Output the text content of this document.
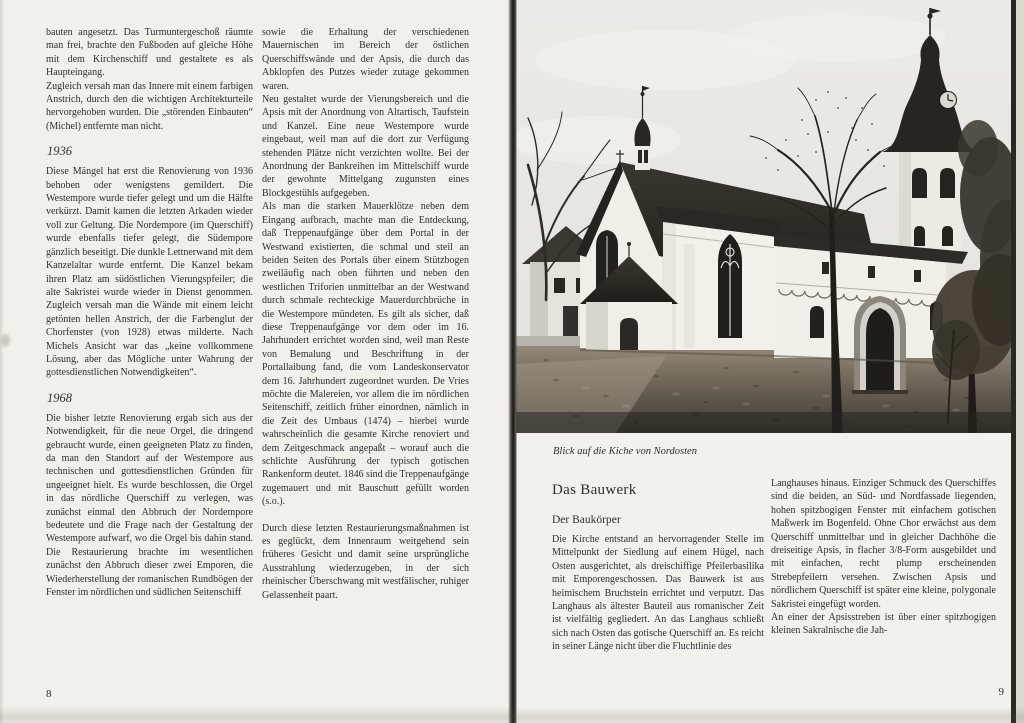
bauten angesetzt. Das Turmuntergeschoß räumte man frei, brachte den Fußboden auf gleiche Höhe mit dem Kirchenschiff und gestaltete es als Haupteingang.

Zugleich versah man das Innere mit einem farbigen Anstrich, durch den die wichtigen Architekturteile hervorgehoben wurden. Die „störenden Einbauten“ (Michel) entfernte man nicht.

1936

Diese Mängel hat erst die Renovierung von 1936 behoben oder wenigstens gemildert. Die Westempore wurde tiefer gelegt und um die Hälfte verkürzt. Damit kamen die letzten Arkaden wieder voll zur Geltung. Die Nordempore (im Querschiff) wurde ebenfalls tiefer gelegt, die Südempore gänzlich beseitigt. Die dunkle Lettnerwand mit dem Kanzelaltar wurde entfernt. Die Kanzel bekam ihren Platz am südöstlichen Vierungspfeiler; die alte Sakristei wurde wieder in Dienst genommen. Zugleich versah man die Wände mit einem leicht getönten hellen Anstrich, der die Farbenglut der Chorfenster (von 1928) etwas milderte. Nach Michels Ansicht war das „keine vollkommene Lösung, aber das Mögliche unter Wahrung der gottesdienstlichen Notwendigkeiten“.

1968

Die bisher letzte Renovierung ergab sich aus der Notwendigkeit, für die neue Orgel, die dringend gebraucht wurde, einen geeigneten Platz zu finden, da man den Standort auf der Westempore aus technischen und gottesdienstlichen Gründen für ungeeignet hielt. Es wurde beschlossen, die Orgel in das nördliche Querschiff zu verlegen, was zunächst einmal den Abbruch der Nordempore bedeutete und die Frage nach der Gestaltung der Westempore aufwarf, wo die Orgel bis dahin stand. Die Restaurierung brachte im wesentlichen zunächst den Abbruch dieser zwei Emporen, die Wiederherstellung der romanischen Rundbögen der Fenster im nördlichen und südlichen Seitenschiff

sowie die Erhaltung der verschiedenen Mauernischen im Bereich der östlichen Querschiffswände und der Apsis, die durch das Abklopfen des Putzes wieder zutage gekommen waren.

Neu gestaltet wurde der Vierungsbereich und die Apsis mit der Anordnung von Altartisch, Taufstein und Kanzel. Eine neue Westempore wurde eingebaut, weil man auf die dort zur Verfügung stehenden Plätze nicht verzichten wollte. Bei der Anordnung der Bankreihen im Mittelschiff wurde der gewohnte Mittelgang zugunsten eines Blockgestühls aufgegeben.

Als man die starken Mauerklötze neben dem Eingang aufbrach, machte man die Entdeckung, daß Treppenaufgänge über dem Portal in der Westwand existierten, die schmal und steil an beiden Seiten des Portals über einem Stützbogen zweiläufig nach oben führten und neben den westlichen Triforien unmittelbar an der Westwand durch schmale rechteckige Mauerdurchbrüche in die Westempore mündeten. Es gilt als sicher, daß diese Treppenaufgänge vor dem oder im 16. Jahrhundert errichtet worden sind, weil man Reste von Bemalung und Beschriftung in der Portallaibung fand, die vom Landeskonservator dem 16. Jahrhundert zugeordnet wurden. De Vries möchte die Malereien, vor allem die im nördlichen Seitenschiff, zeitlich früher einordnen, nämlich in die Zeit des Umbaus (1474) – hierbei wurde wahrscheinlich die gesamte Kirche renoviert und dem Zeitgeschmack angepaßt – worauf auch die schlichte Ausführung der typisch gotischen Rankenform deutet. 1846 sind die Treppenaufgänge zugemauert und mit Bauschutt gefüllt worden (s.o.).

Durch diese letzten Restaurierungsmaßnahmen ist es geglückt, dem Innenraum weitgehend sein früheres Gesicht und damit seine ursprüngliche Ausstrahlung wiederzugeben, in der sich rheinischer Überschwang mit westfälischer, ruhiger Gelassenheit paart.

8
Blick auf die Kiche von Nordosten
Das Bauwerk
Der Baukörper

Die Kirche entstand an hervorragender Stelle im Mittelpunkt der Siedlung auf einem Hügel, nach Osten ausgerichtet, als dreischiffige Pfeilerbasilika mit Emporengeschossen. Das Bauwerk ist aus heimischem Bruchstein errichtet und verputzt. Das Langhaus als ältester Bauteil aus romanischer Zeit ist vielfältig gegliedert. An das Langhaus schließt sich nach Osten das gotische Querschiff an. Es reicht in seiner Länge nicht über die Fluchtlinie des

Langhauses hinaus. Einziger Schmuck des Querschiffes sind die beiden, an Süd- und Nordfassade liegenden, hohen spitzbogigen Fenster mit einfachem gotischen Maßwerk im Bogenfeld. Ohne Chor erwächst aus dem Querschiff unmittelbar und in gleicher Dachhöhe die dreiseitige Apsis, in flacher 3/8-Form ausgebildet und mit einfachen, recht plump erscheinenden Strebepfeilern versehen. Zwischen Apsis und nördlichem Querschiff ist später eine kleine, polygonale Sakristei eingefügt worden.

An einer der Apsisstreben ist über einer spitzbogigen kleinen Sakralnische die Jah-

9
